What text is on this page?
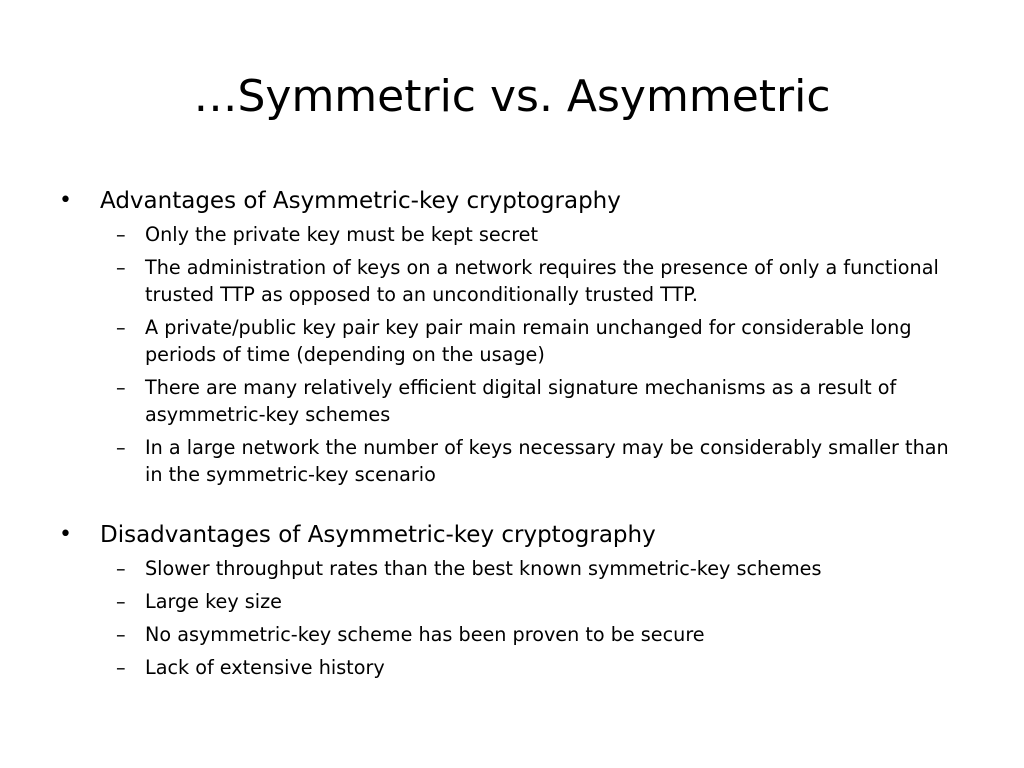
…Symmetric vs. Asymmetric
• Advantages of Asymmetric-key cryptography
– Only the private key must be kept secret
– The administration of keys on a network requires the presence of only a functional trusted TTP as opposed to an unconditionally trusted TTP.
– A private/public key pair key pair main remain unchanged for considerable long periods of time (depending on the usage)
– There are many relatively efficient digital signature mechanisms as a result of asymmetric-key schemes
– In a large network the number of keys necessary may be considerably smaller than in the symmetric-key scenario
• Disadvantages of Asymmetric-key cryptography
– Slower throughput rates than the best known symmetric-key schemes
– Large key size
– No asymmetric-key scheme has been proven to be secure
– Lack of extensive history
